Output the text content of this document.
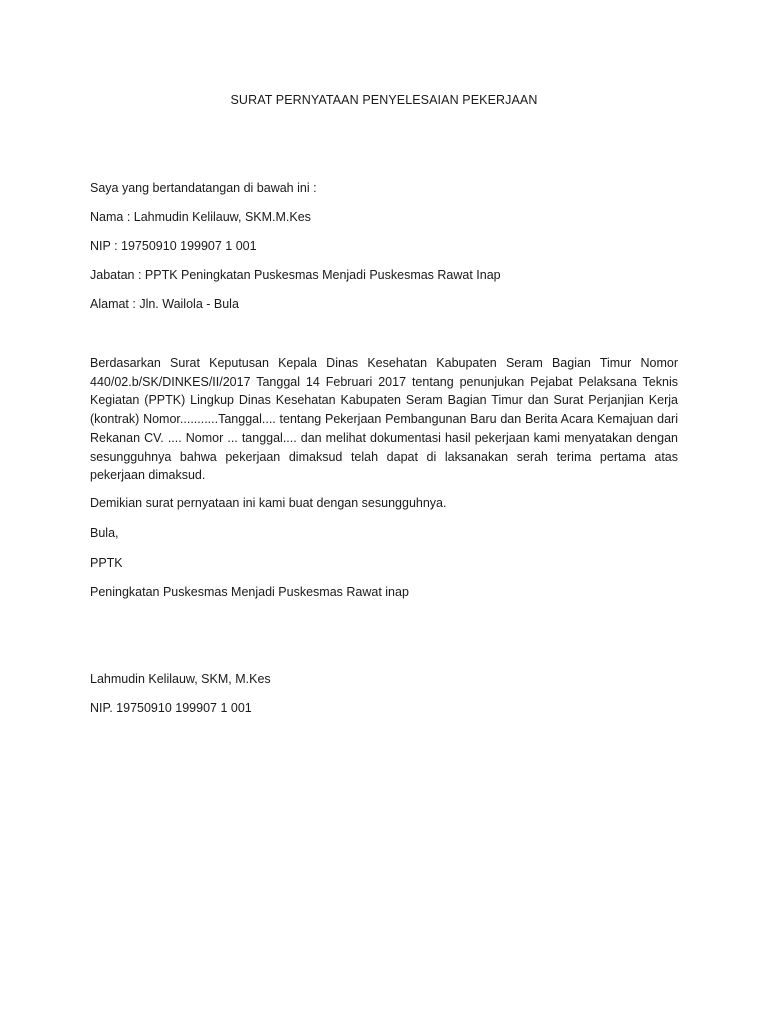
SURAT PERNYATAAN PENYELESAIAN PEKERJAAN

Saya yang bertandatangan di bawah ini :

Nama : Lahmudin Kelilauw, SKM.M.Kes

NIP : 19750910 199907 1 001

Jabatan : PPTK Peningkatan Puskesmas Menjadi Puskesmas Rawat Inap

Alamat : Jln. Wailola - Bula

Berdasarkan Surat Keputusan Kepala Dinas Kesehatan Kabupaten Seram Bagian Timur Nomor 440/02.b/SK/DINKES/II/2017 Tanggal 14 Februari 2017 tentang penunjukan Pejabat Pelaksana Teknis Kegiatan (PPTK) Lingkup Dinas Kesehatan Kabupaten Seram Bagian Timur dan Surat Perjanjian Kerja (kontrak) Nomor...........Tanggal.... tentang Pekerjaan Pembangunan Baru dan Berita Acara Kemajuan dari Rekanan CV. .... Nomor ... tanggal.... dan melihat dokumentasi hasil pekerjaan kami menyatakan dengan sesungguhnya bahwa pekerjaan dimaksud telah dapat di laksanakan serah terima pertama atas pekerjaan dimaksud.

Demikian surat pernyataan ini kami buat dengan sesungguhnya.

Bula,

PPTK

Peningkatan Puskesmas Menjadi Puskesmas Rawat inap

Lahmudin Kelilauw, SKM, M.Kes

NIP. 19750910 199907 1 001
